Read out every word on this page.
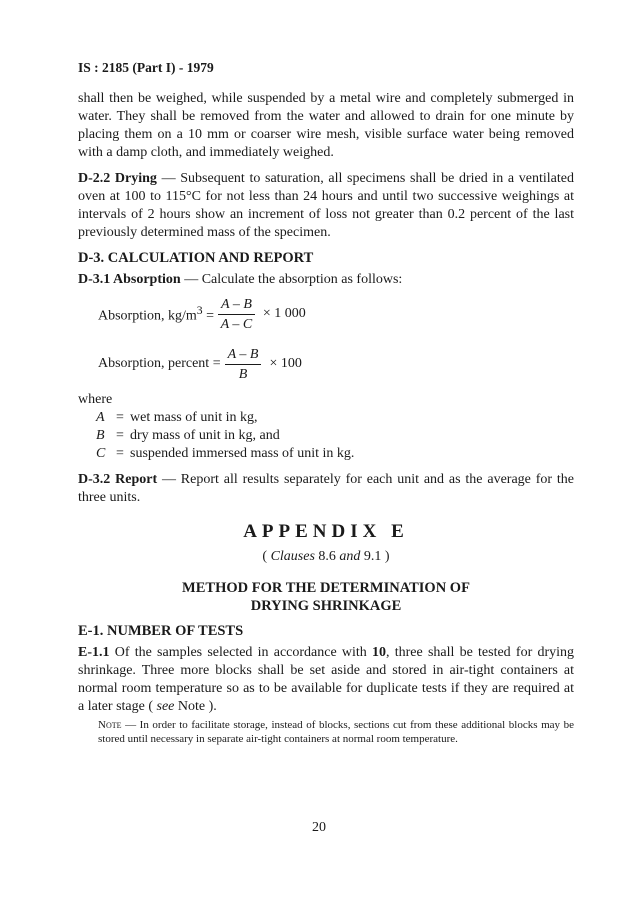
IS : 2185 (Part I) - 1979

shall then be weighed, while suspended by a metal wire and completely submerged in water. They shall be removed from the water and allowed to drain for one minute by placing them on a 10 mm or coarser wire mesh, visible surface water being removed with a damp cloth, and immediately weighed.

D-2.2 Drying — Subsequent to saturation, all specimens shall be dried in a ventilated oven at 100 to 115°C for not less than 24 hours and until two successive weighings at intervals of 2 hours show an increment of loss not greater than 0.2 percent of the last previously determined mass of the specimen.

D-3. CALCULATION AND REPORT

D-3.1 Absorption — Calculate the absorption as follows:

Absorption, $kg/m^3 = \frac{A - B}{A - C} \times 1$ 000
Absorption, percent = $\frac{A - B}{B} \times 100$

where

A = wet mass of unit in kg,
B = dry mass of unit in kg, and
C = suspended immersed mass of unit in kg.

D-3.2 Report — Report all results separately for each unit and as the average for the three units.

APPENDIX E
( Clauses 8.6 and 9.1 )
METHOD FOR THE DETERMINATION OF
DRYING SHRINKAGE
E-1. NUMBER OF TESTS

E-1.1 Of the samples selected in accordance with 10, three shall be tested for drying shrinkage. Three more blocks shall be set aside and stored in air-tight containers at normal room temperature so as to be available for duplicate tests if they are required at a later stage ( see Note ).

Note — In order to facilitate storage, instead of blocks, sections cut from these additional blocks may be stored until necessary in separate air-tight containers at normal room temperature.

20
